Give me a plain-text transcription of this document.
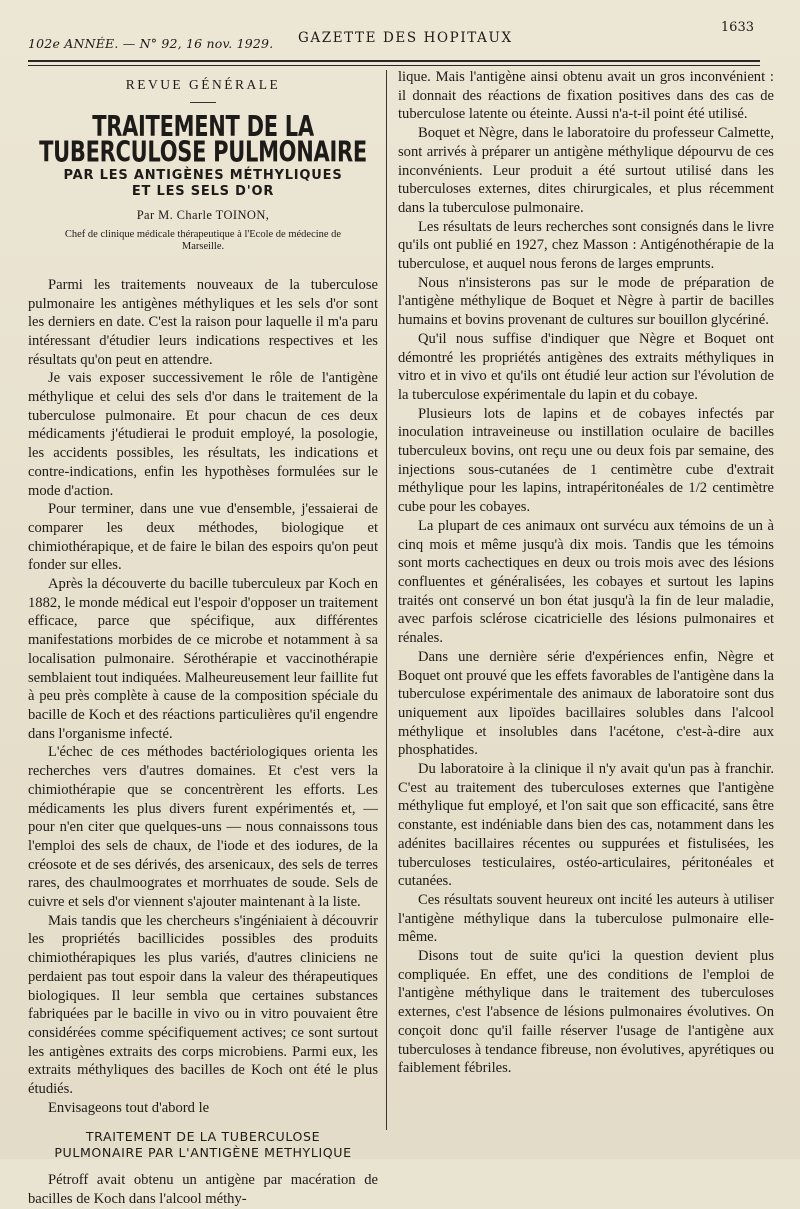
102e ANNÉE. — N° 92, 16 nov. 1929. GAZETTE DES HOPITAUX
1633
REVUE GÉNÉRALE
TRAITEMENT DE LA TUBERCULOSE PULMONAIRE

PAR LES ANTIGÈNES MÉTHYLIQUES

ET LES SELS D'OR

Par M. Charle TOINON,
Chef de clinique médicale thérapeutique à l'Ecole de médecine de Marseille.

Parmi les traitements nouveaux de la tuberculose pulmonaire les antigènes méthyliques et les sels d'or sont les derniers en date. C'est la raison pour laquelle il m'a paru intéressant d'étudier leurs indications respectives et les résultats qu'on peut en attendre.

Je vais exposer successivement le rôle de l'antigène méthylique et celui des sels d'or dans le traitement de la tuberculose pulmonaire. Et pour chacun de ces deux médicaments j'étudierai le produit employé, la posologie, les accidents possibles, les résultats, les indications et contre-indications, enfin les hypothèses formulées sur le mode d'action.

Pour terminer, dans une vue d'ensemble, j'essaierai de comparer les deux méthodes, biologique et chimiothérapique, et de faire le bilan des espoirs qu'on peut fonder sur elles.

Après la découverte du bacille tuberculeux par Koch en 1882, le monde médical eut l'espoir d'opposer un traitement efficace, parce que spécifique, aux différentes manifestations morbides de ce microbe et notamment à sa localisation pulmonaire. Sérothérapie et vaccinothérapie semblaient tout indiquées. Malheureusement leur faillite fut à peu près complète à cause de la composition spéciale du bacille de Koch et des réactions particulières qu'il engendre dans l'organisme infecté.

L'échec de ces méthodes bactériologiques orienta les recherches vers d'autres domaines. Et c'est vers la chimiothérapie que se concentrèrent les efforts. Les médicaments les plus divers furent expérimentés et, — pour n'en citer que quelques-uns — nous connaissons tous l'emploi des sels de chaux, de l'iode et des iodures, de la créosote et de ses dérivés, des arsenicaux, des sels de terres rares, des chaulmoogrates et morrhuates de soude. Sels de cuivre et sels d'or viennent s'ajouter maintenant à la liste.

Mais tandis que les chercheurs s'ingéniaient à découvrir les propriétés bacillicides possibles des produits chimiothérapiques les plus variés, d'autres cliniciens ne perdaient pas tout espoir dans la valeur des thérapeutiques biologiques. Il leur sembla que certaines substances fabriquées par le bacille in vivo ou in vitro pouvaient être considérées comme spécifiquement actives; ce sont surtout les antigènes extraits des corps microbiens. Parmi eux, les extraits méthyliques des bacilles de Koch ont été le plus étudiés.

Envisageons tout d'abord le

TRAITEMENT DE LA TUBERCULOSE
PULMONAIRE PAR L'ANTIGÈNE METHYLIQUE

Pétroff avait obtenu un antigène par macération de bacilles de Koch dans l'alcool méthy-

lique. Mais l'antigène ainsi obtenu avait un gros inconvénient : il donnait des réactions de fixation positives dans des cas de tuberculose latente ou éteinte. Aussi n'a-t-il point été utilisé.

Boquet et Nègre, dans le laboratoire du professeur Calmette, sont arrivés à préparer un antigène méthylique dépourvu de ces inconvénients. Leur produit a été surtout utilisé dans les tuberculoses externes, dites chirurgicales, et plus récemment dans la tuberculose pulmonaire.

Les résultats de leurs recherches sont consignés dans le livre qu'ils ont publié en 1927, chez Masson : Antigénothérapie de la tuberculose, et auquel nous ferons de larges emprunts.

Nous n'insisterons pas sur le mode de préparation de l'antigène méthylique de Boquet et Nègre à partir de bacilles humains et bovins provenant de cultures sur bouillon glycériné.

Qu'il nous suffise d'indiquer que Nègre et Boquet ont démontré les propriétés antigènes des extraits méthyliques in vitro et in vivo et qu'ils ont étudié leur action sur l'évolution de la tuberculose expérimentale du lapin et du cobaye.

Plusieurs lots de lapins et de cobayes infectés par inoculation intraveineuse ou instillation oculaire de bacilles tuberculeux bovins, ont reçu une ou deux fois par semaine, des injections sous-cutanées de 1 centimètre cube d'extrait méthylique pour les lapins, intrapéritonéales de 1/2 centimètre cube pour les cobayes.

La plupart de ces animaux ont survécu aux témoins de un à cinq mois et même jusqu'à dix mois. Tandis que les témoins sont morts cachectiques en deux ou trois mois avec des lésions confluentes et généralisées, les cobayes et surtout les lapins traités ont conservé un bon état jusqu'à la fin de leur maladie, avec parfois sclérose cicatricielle des lésions pulmonaires et rénales.

Dans une dernière série d'expériences enfin, Nègre et Boquet ont prouvé que les effets favorables de l'antigène dans la tuberculose expérimentale des animaux de laboratoire sont dus uniquement aux lipoïdes bacillaires solubles dans l'alcool méthylique et insolubles dans l'acétone, c'est-à-dire aux phosphatides.

Du laboratoire à la clinique il n'y avait qu'un pas à franchir. C'est au traitement des tuberculoses externes que l'antigène méthylique fut employé, et l'on sait que son efficacité, sans être constante, est indéniable dans bien des cas, notamment dans les adénites bacillaires récentes ou suppurées et fistulisées, les tuberculoses testiculaires, ostéo-articulaires, péritonéales et cutanées.

Ces résultats souvent heureux ont incité les auteurs à utiliser l'antigène méthylique dans la tuberculose pulmonaire elle-même.

Disons tout de suite qu'ici la question devient plus compliquée. En effet, une des conditions de l'emploi de l'antigène méthylique dans le traitement des tuberculoses externes, c'est l'absence de lésions pulmonaires évolutives. On conçoit donc qu'il faille réserver l'usage de l'antigène aux tuberculoses à tendance fibreuse, non évolutives, apyrétiques ou faiblement fébriles.
